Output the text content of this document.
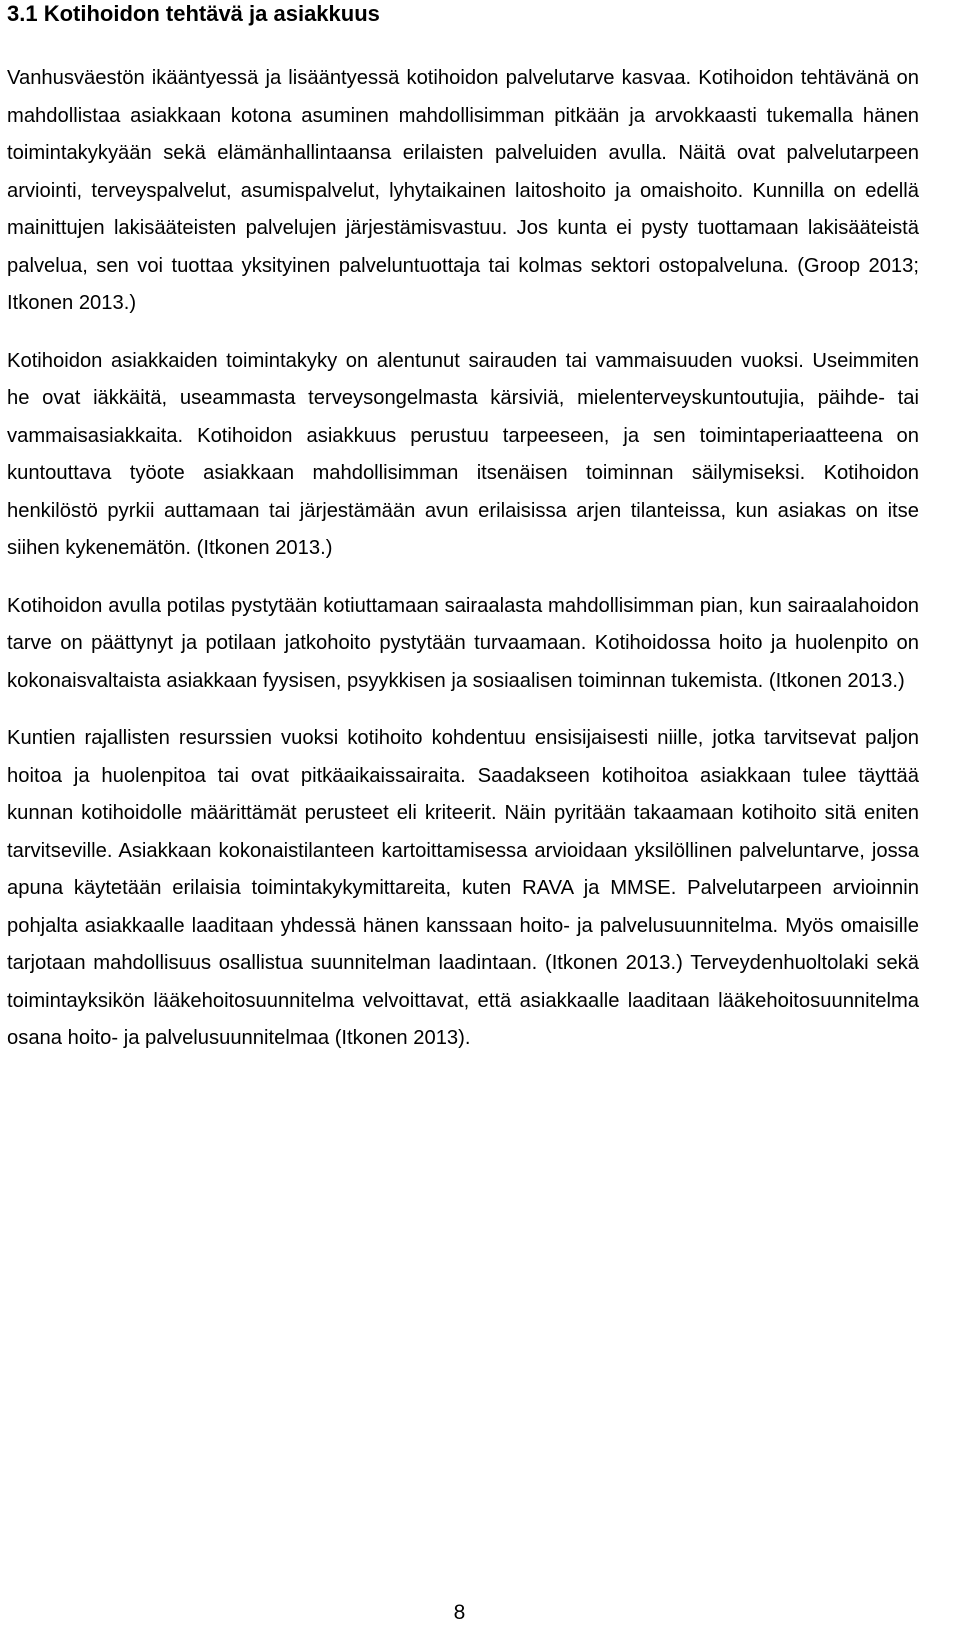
3.1 Kotihoidon tehtävä ja asiakkuus

Vanhusväestön ikääntyessä ja lisääntyessä kotihoidon palvelutarve kasvaa. Kotihoidon tehtävänä on mahdollistaa asiakkaan kotona asuminen mahdollisimman pitkään ja arvokkaasti tukemalla hänen toimintakykyään sekä elämänhallintaansa erilaisten palveluiden avulla. Näitä ovat palvelutarpeen arviointi, terveyspalvelut, asumispalvelut, lyhytaikainen laitoshoito ja omaishoito. Kunnilla on edellä mainittujen lakisääteisten palvelujen järjestämisvastuu. Jos kunta ei pysty tuottamaan lakisääteistä palvelua, sen voi tuottaa yksityinen palveluntuottaja tai kolmas sektori ostopalveluna. (Groop 2013; Itkonen 2013.)

Kotihoidon asiakkaiden toimintakyky on alentunut sairauden tai vammaisuuden vuoksi. Useimmiten he ovat iäkkäitä, useammasta terveysongelmasta kärsiviä, mielenterveyskuntoutujia, päihde- tai vammaisasiakkaita. Kotihoidon asiakkuus perustuu tarpeeseen, ja sen toimintaperiaatteena on kuntouttava työote asiakkaan mahdollisimman itsenäisen toiminnan säilymiseksi. Kotihoidon henkilöstö pyrkii auttamaan tai järjestämään avun erilaisissa arjen tilanteissa, kun asiakas on itse siihen kykenemätön. (Itkonen 2013.)

Kotihoidon avulla potilas pystytään kotiuttamaan sairaalasta mahdollisimman pian, kun sairaalahoidon tarve on päättynyt ja potilaan jatkohoito pystytään turvaamaan. Kotihoidossa hoito ja huolenpito on kokonaisvaltaista asiakkaan fyysisen, psyykkisen ja sosiaalisen toiminnan tukemista. (Itkonen 2013.)

Kuntien rajallisten resurssien vuoksi kotihoito kohdentuu ensisijaisesti niille, jotka tarvitsevat paljon hoitoa ja huolenpitoa tai ovat pitkäaikaissairaita. Saadakseen kotihoitoa asiakkaan tulee täyttää kunnan kotihoidolle määrittämät perusteet eli kriteerit. Näin pyritään takaamaan kotihoito sitä eniten tarvitseville. Asiakkaan kokonaistilanteen kartoittamisessa arvioidaan yksilöllinen palveluntarve, jossa apuna käytetään erilaisia toimintakykymittareita, kuten RAVA ja MMSE. Palvelutarpeen arvioinnin pohjalta asiakkaalle laaditaan yhdessä hänen kanssaan hoito- ja palvelusuunnitelma. Myös omaisille tarjotaan mahdollisuus osallistua suunnitelman laadintaan. (Itkonen 2013.) Terveydenhuoltolaki sekä toimintayksikön lääkehoitosuunnitelma velvoittavat, että asiakkaalle laaditaan lääkehoitosuunnitelma osana hoito- ja palvelusuunnitelmaa (Itkonen 2013).

8
